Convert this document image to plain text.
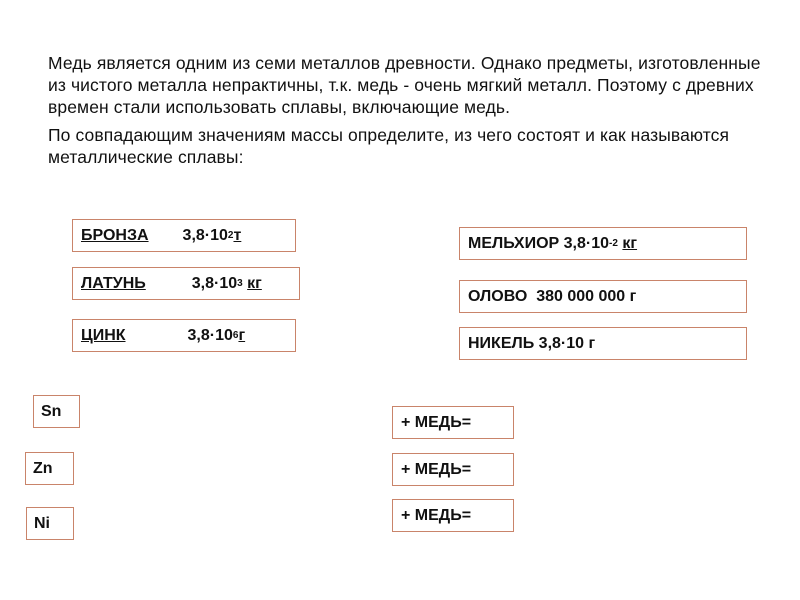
Медь является одним из семи металлов древности. Однако предметы, изготовленные из чистого металла непрактичны, т.к. медь - очень мягкий металл. Поэтому с древних времен стали использовать сплавы, включающие медь.

По совпадающим значениям массы определите, из чего состоят и как называются металлические сплавы:

БРОНЗА 3,8·10 2 т
ЛАТУНЬ	3,8·10 3
кг
ЦИНК	3,8·10 6 г
МЕЛЬХИОР
3,8·10 -2
кг
ОЛОВО  380 000 000 г
НИКЕЛЬ 3,8·10 г
Sn
Zn
Ni
+ МЕДЬ=
+ МЕДЬ=
+ МЕДЬ=
